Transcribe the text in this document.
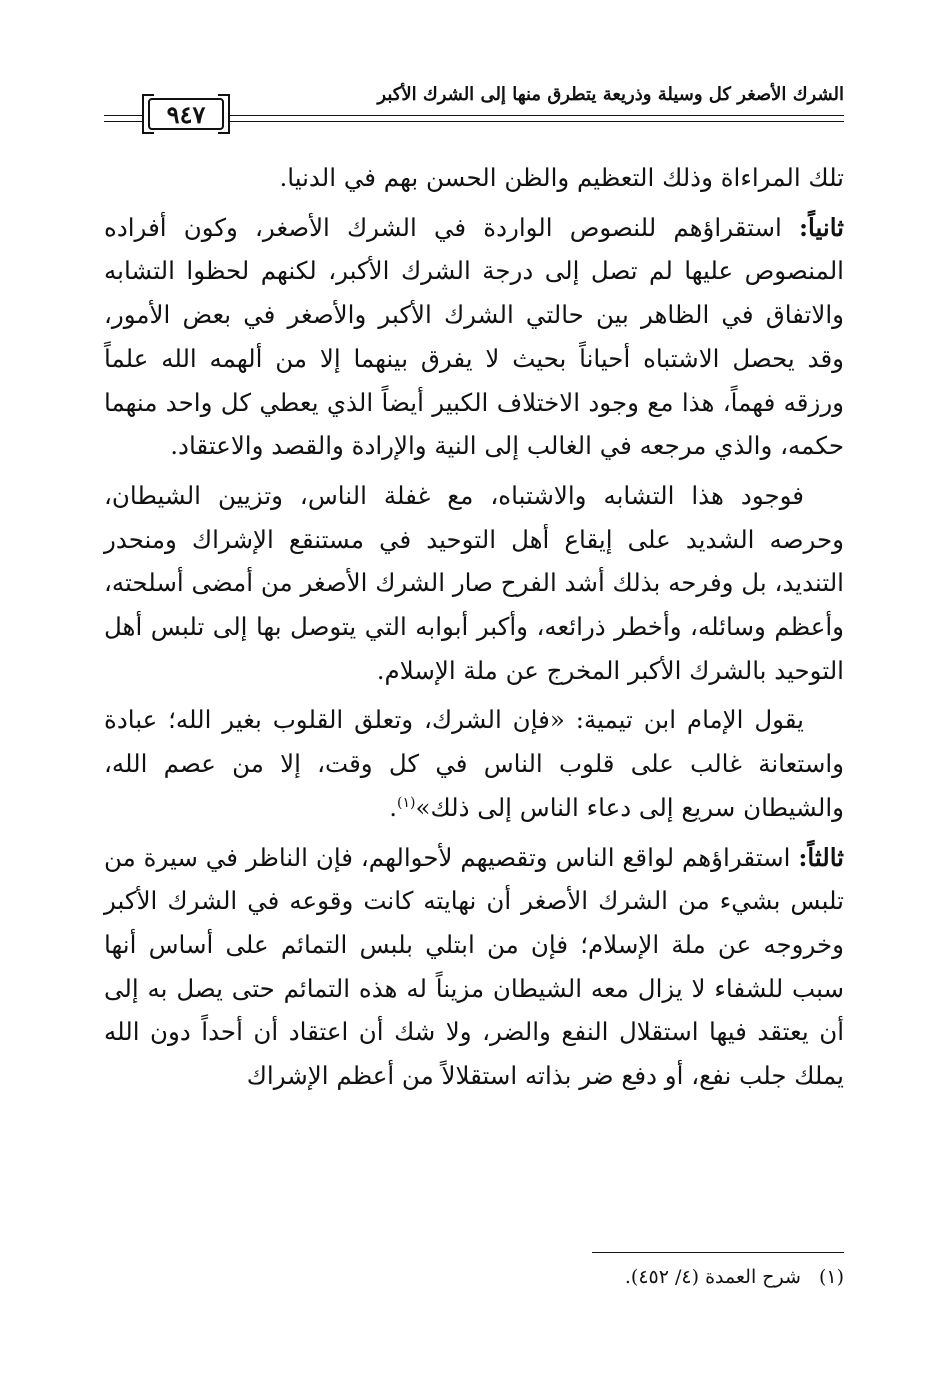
الشرك الأصغر كل وسيلة وذريعة يتطرق منها إلى الشرك الأكبر
٩٤٧

تلك المراءاة وذلك التعظيم والظن الحسن بهم في الدنيا.

ثانياً: استقراؤهم للنصوص الواردة في الشرك الأصغر، وكون أفراده المنصوص عليها لم تصل إلى درجة الشرك الأكبر، لكنهم لحظوا التشابه والاتفاق في الظاهر بين حالتي الشرك الأكبر والأصغر في بعض الأمور، وقد يحصل الاشتباه أحياناً بحيث لا يفرق بينهما إلا من ألهمه الله علماً ورزقه فهماً، هذا مع وجود الاختلاف الكبير أيضاً الذي يعطي كل واحد منهما حكمه، والذي مرجعه في الغالب إلى النية والإرادة والقصد والاعتقاد.

فوجود هذا التشابه والاشتباه، مع غفلة الناس، وتزيين الشيطان، وحرصه الشديد على إيقاع أهل التوحيد في مستنقع الإشراك ومنحدر التنديد، بل وفرحه بذلك أشد الفرح صار الشرك الأصغر من أمضى أسلحته، وأعظم وسائله، وأخطر ذرائعه، وأكبر أبوابه التي يتوصل بها إلى تلبس أهل التوحيد بالشرك الأكبر المخرج عن ملة الإسلام.

يقول الإمام ابن تيمية: «فإن الشرك، وتعلق القلوب بغير الله؛ عبادة واستعانة غالب على قلوب الناس في كل وقت، إلا من عصم الله، والشيطان سريع إلى دعاء الناس إلى ذلك»$^{(١)}$.

ثالثاً: استقراؤهم لواقع الناس وتقصيهم لأحوالهم، فإن الناظر في سيرة من تلبس بشيء من الشرك الأصغر أن نهايته كانت وقوعه في الشرك الأكبر وخروجه عن ملة الإسلام؛ فإن من ابتلي بلبس التمائم على أساس أنها سبب للشفاء لا يزال معه الشيطان مزيناً له هذه التمائم حتى يصل به إلى أن يعتقد فيها استقلال النفع والضر، ولا شك أن اعتقاد أن أحداً دون الله يملك جلب نفع، أو دفع ضر بذاته استقلالاً من أعظم الإشراك

(١)شرح العمدة (٤/ ٤٥٢).
